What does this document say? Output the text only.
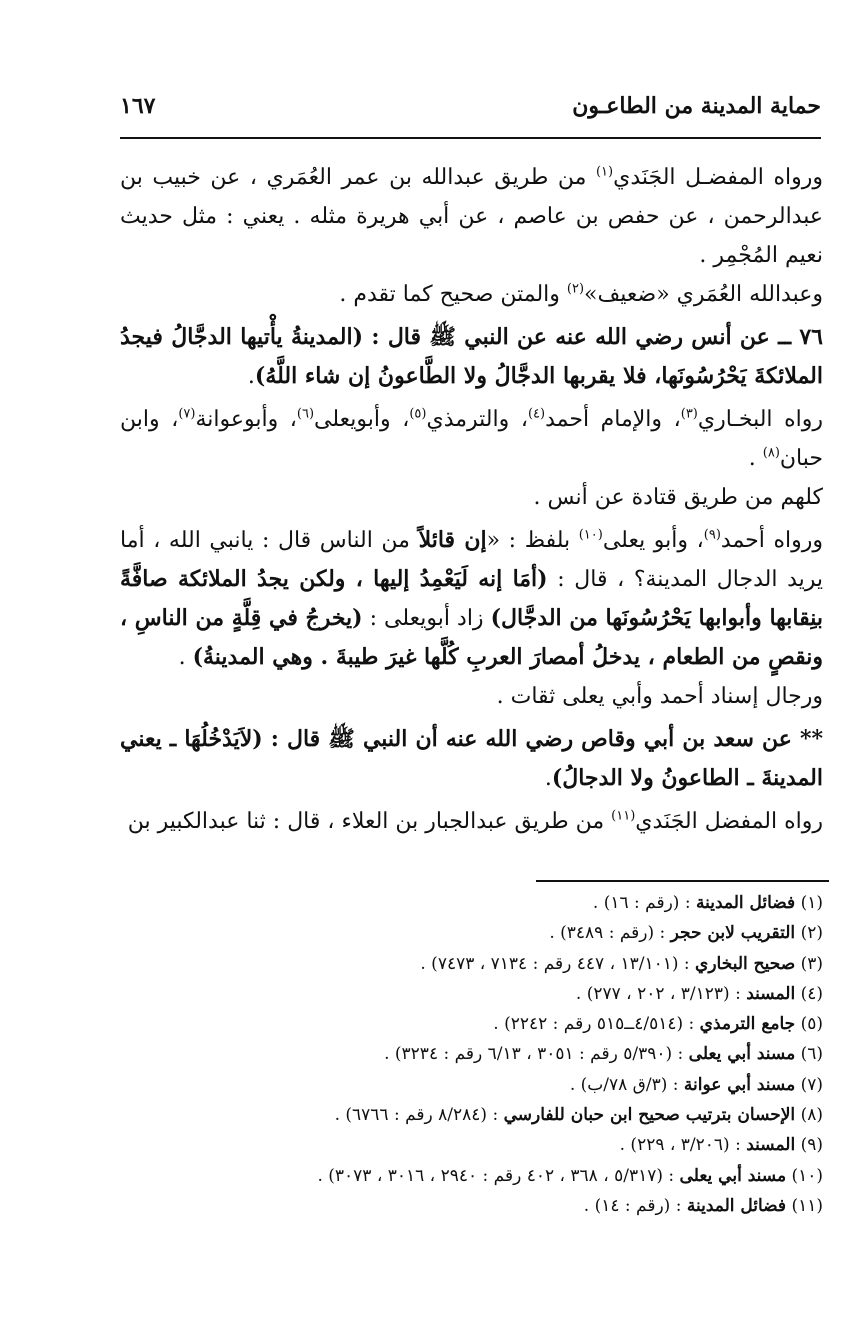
حماية المدينة من الطاعـون
١٦٧

ورواه المفضـل الجَنَدي$^{(١)}$ من طريق عبدالله بن عمر العُمَري ، عن خبيب بن عبدالرحمن ، عن حفص بن عاصم ، عن أبي هريرة مثله . يعني : مثل حديث نعيم المُجْمِر .

وعبدالله العُمَري «ضعيف»$^{(٢)}$ والمتن صحيح كما تقدم .

٧٦ ــ عن أنس رضي الله عنه عن النبي ﷺ قال : (المدينةُ يأْتيها الدجَّالُ فيجدُ الملائكةَ يَحْرُسُونَها، فلا يقربها الدجَّالُ ولا الطَّاعونُ إن شاء اللَّهُ).

رواه البخـاري$^{(٣)}$، والإمام أحمد$^{(٤)}$، والترمذي$^{(٥)}$، وأبويعلى$^{(٦)}$، وأبوعوانة$^{(٧)}$، وابن حبان$^{(٨)}$ .

كلهم من طريق قتادة عن أنس .

ورواه أحمد$^{(٩)}$، وأبو يعلى$^{(١٠)}$ بلفظ : «إن قائلاً من الناس قال : يانبي الله ، أما يريد الدجال المدينة؟ ، قال : (أمَا إنه لَيَعْمِدُ إليها ، ولكن يجدُ الملائكة صافَّةً بنِقابها وأبوابها يَحْرُسُونَها من الدجَّال) زاد أبويعلى : (يخرجُ في قِلَّةٍ من الناسِ ، ونقصٍ من الطعام ، يدخلُ أمصارَ العربِ كُلَّها غيرَ طيبةَ . وهي المدينةُ) .

ورجال إسناد أحمد وأبي يعلى ثقات .

** عن سعد بن أبي وقاص رضي الله عنه أن النبي ﷺ قال : (لاَيَدْخُلُهَا ـ يعني المدينةَ ـ الطاعونُ ولا الدجالُ).

رواه المفضل الجَنَدي$^{(١١)}$ من طريق عبدالجبار بن العلاء ، قال : ثنا عبدالكبير بن

(١) فضائل المدينة : (رقم : ١٦) .
(٢) التقريب لابن حجر : (رقم : ٣٤٨٩) .
(٣) صحيح البخاري : (١٣/١٠١ ، ٤٤٧ رقم : ٧١٣٤ ، ٧٤٧٣) .
(٤) المسند : (٣/١٢٣ ، ٢٠٢ ، ٢٧٧) .
(٥) جامع الترمذي : (٤/٥١٤ــ٥١٥ رقم : ٢٢٤٢) .
(٦) مسند أبي يعلى : (٥/٣٩٠ رقم : ٣٠٥١ ، ٦/١٣ رقم : ٣٢٣٤) .
(٧) مسند أبي عوانة : (٣/ق ٧٨/ب) .
(٨) الإحسان بترتيب صحيح ابن حبان للفارسي : (٨/٢٨٤ رقم : ٦٧٦٦) .
(٩) المسند : (٣/٢٠٦ ، ٢٢٩) .
(١٠) مسند أبي يعلى : (٥/٣١٧ ، ٣٦٨ ، ٤٠٢ رقم : ٢٩٤٠ ، ٣٠١٦ ، ٣٠٧٣) .
(١١) فضائل المدينة : (رقم : ١٤) .
